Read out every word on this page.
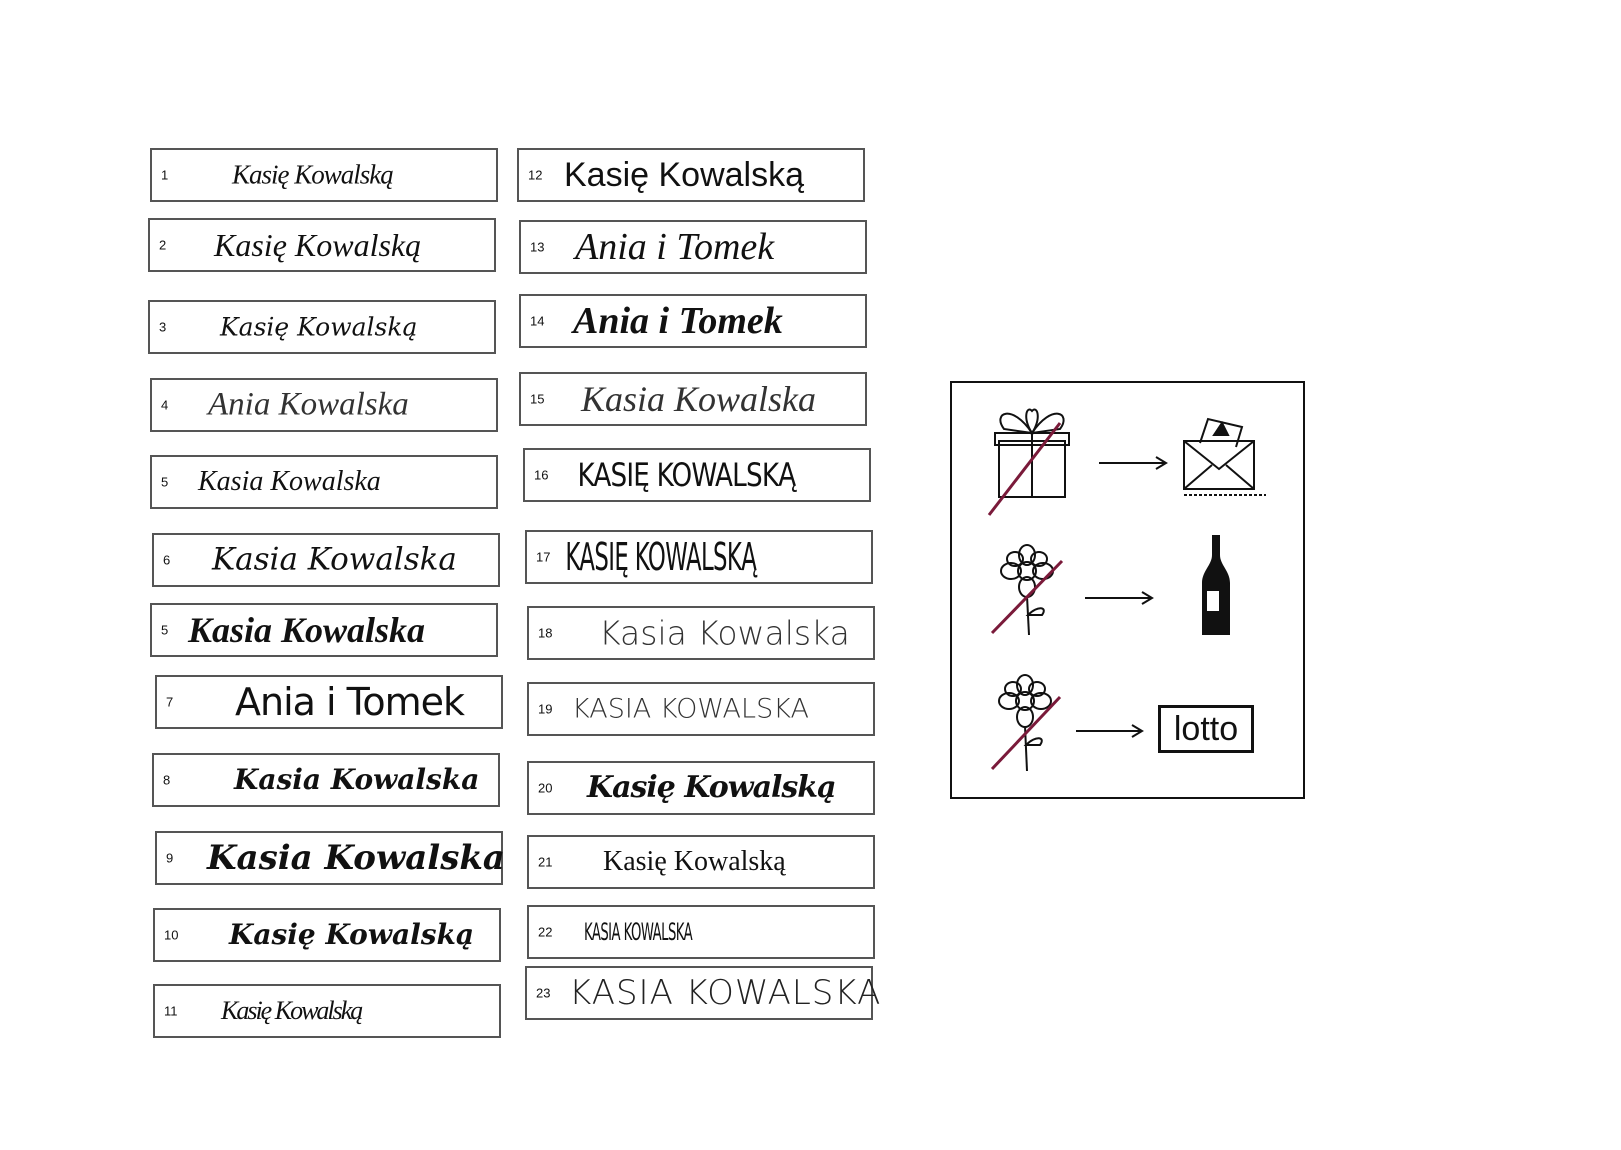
1	Kasię Kowalską
2	Kasię Kowalską
3	Kasię Kowalską
4	Ania Kowalska
5	Kasia Kowalska
6	Kasia Kowalska
5 Kasia Kowalska
7	Ania i Tomek
8	Kasia Kowalska
9 Kasia Kowalska
10	Kasię Kowalską
11	Kasię Kowalską
12 Kasię Kowalską
13 Ania i Tomek
14 Ania i Tomek
15	Kasia Kowalska
16 KASIĘ KOWALSKĄ
17 KASIĘ KOWALSKĄ
18	Kasia Kowalska
19 KASIA KOWALSKA
20	Kasię Kowalską
21	Kasię Kowalską
22	KASIA KOWALSKA
23 KASIA KOWALSKA
lotto
